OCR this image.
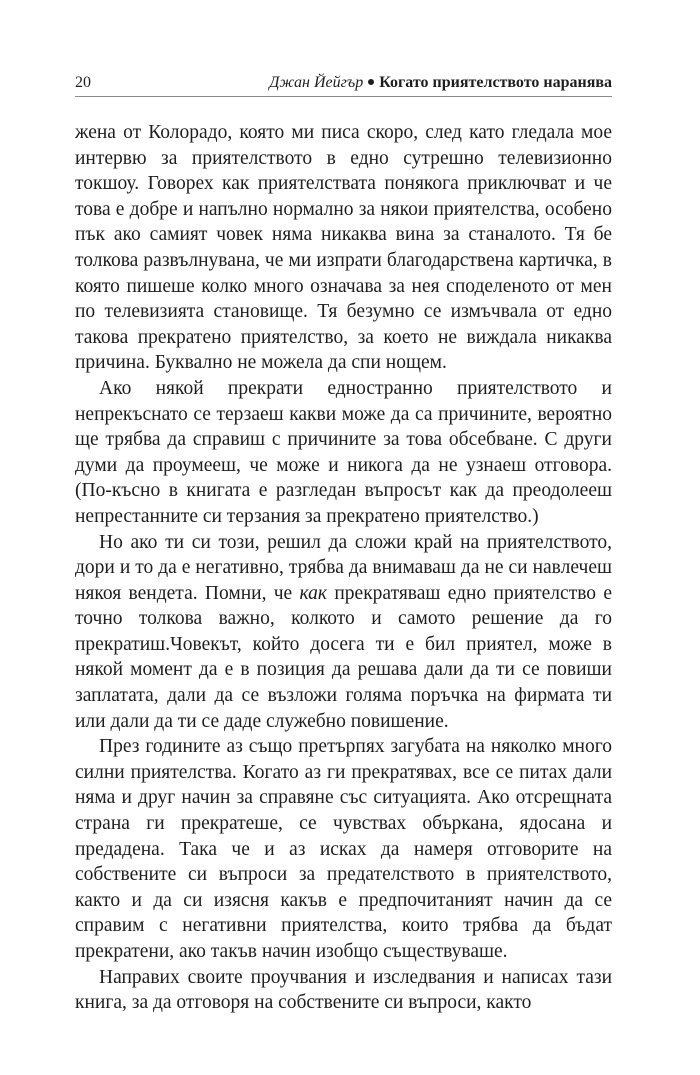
20	Джан Йейгър Когато приятелството наранява

жена от Колорадо, която ми писа скоро, след като гледала мое интервю за приятелството в едно сутрешно телевизионно токшоу. Говорех как приятелствата понякога приключват и че това е добре и напълно нормално за някои приятелства, особено пък ако самият човек няма никаква вина за станалото. Тя бе толкова развълнувана, че ми изпрати благодарствена картичка, в която пишеше колко много означава за нея споделеното от мен по телевизията становище. Тя безумно се измъчвала от едно такова прекратено приятелство, за което не виждала никаква причина. Буквално не можела да спи нощем.

Ако някой прекрати едностранно приятелството и непрекъснато се терзаеш какви може да са причините, вероятно ще трябва да справиш с причините за това обсебване. С други думи да проумееш, че може и никога да не узнаеш отговора. (По-късно в книгата е разгледан въпросът как да преодолееш непрестанните си терзания за прекратено приятелство.)

Но ако ти си този, решил да сложи край на приятелството, дори и то да е негативно, трябва да внимаваш да не си навлечеш някоя вендета. Помни, че как прекратяваш едно приятелство е точно толкова важно, колкото и самото решение да го прекратиш.Човекът, който досега ти е бил приятел, може в някой момент да е в позиция да решава дали да ти се повиши заплатата, дали да се възложи голяма поръчка на фирмата ти или дали да ти се даде служебно повишение.

През годините аз също претърпях загубата на няколко много силни приятелства. Когато аз ги прекратявах, все се питах дали няма и друг начин за справяне със ситуацията. Ако отсрещната страна ги прекратеше, се чувствах объркана, ядосана и предадена. Така че и аз исках да намеря отговорите на собствените си въпроси за предателството в приятелството, както и да си изясня какъв е предпочитаният начин да се справим с негативни приятелства, които трябва да бъдат прекратени, ако такъв начин изобщо съществуваше.

Направих своите проучвания и изследвания и написах тази книга, за да отговоря на собствените си въпроси, както
